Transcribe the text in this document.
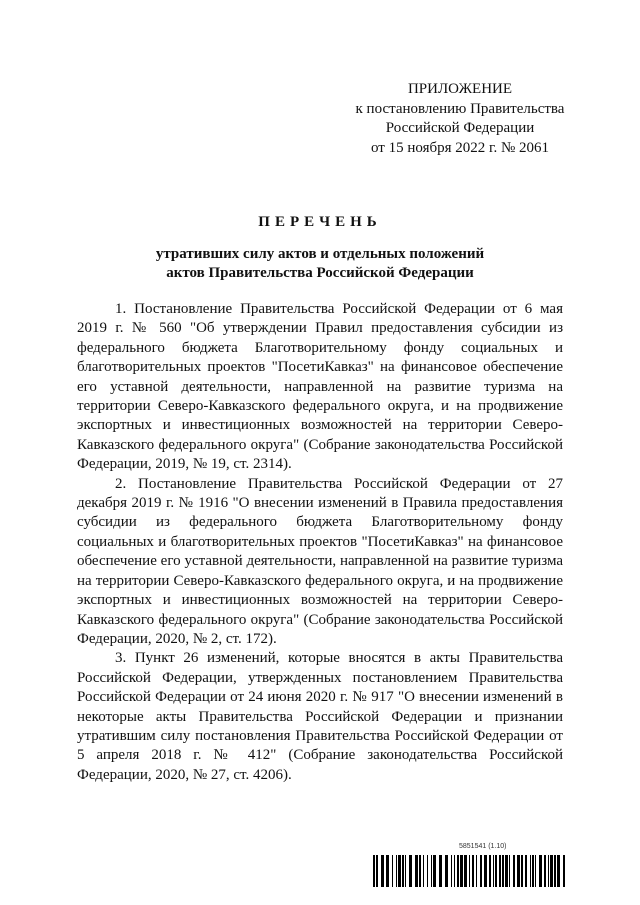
ПРИЛОЖЕНИЕ
к постановлению Правительства
Российской Федерации
от 15 ноября 2022 г. № 2061
ПЕРЕЧЕНЬ
утративших силу актов и отдельных положений
актов Правительства Российской Федерации

1. Постановление Правительства Российской Федерации от 6 мая 2019 г. № 560 "Об утверждении Правил предоставления субсидии из федерального бюджета Благотворительному фонду социальных и благотворительных проектов "ПосетиКавказ" на финансовое обеспечение его уставной деятельности, направленной на развитие туризма на территории Северо-Кавказского федерального округа, и на продвижение экспортных и инвестиционных возможностей на территории Северо-Кавказского федерального округа" (Собрание законодательства Российской Федерации, 2019, № 19, ст. 2314).

2. Постановление Правительства Российской Федерации от 27 декабря 2019 г. № 1916 "О внесении изменений в Правила предоставления субсидии из федерального бюджета Благотворительному фонду социальных и благотворительных проектов "ПосетиКавказ" на финансовое обеспечение его уставной деятельности, направленной на развитие туризма на территории Северо-Кавказского федерального округа, и на продвижение экспортных и инвестиционных возможностей на территории Северо-Кавказского федерального округа" (Собрание законодательства Российской Федерации, 2020, № 2, ст. 172).

3. Пункт 26 изменений, которые вносятся в акты Правительства Российской Федерации, утвержденных постановлением Правительства Российской Федерации от 24 июня 2020 г. № 917 "О внесении изменений в некоторые акты Правительства Российской Федерации и признании утратившим силу постановления Правительства Российской Федерации от 5 апреля 2018 г. № 412" (Собрание законодательства Российской Федерации, 2020, № 27, ст. 4206).

5851541 (1.10)
